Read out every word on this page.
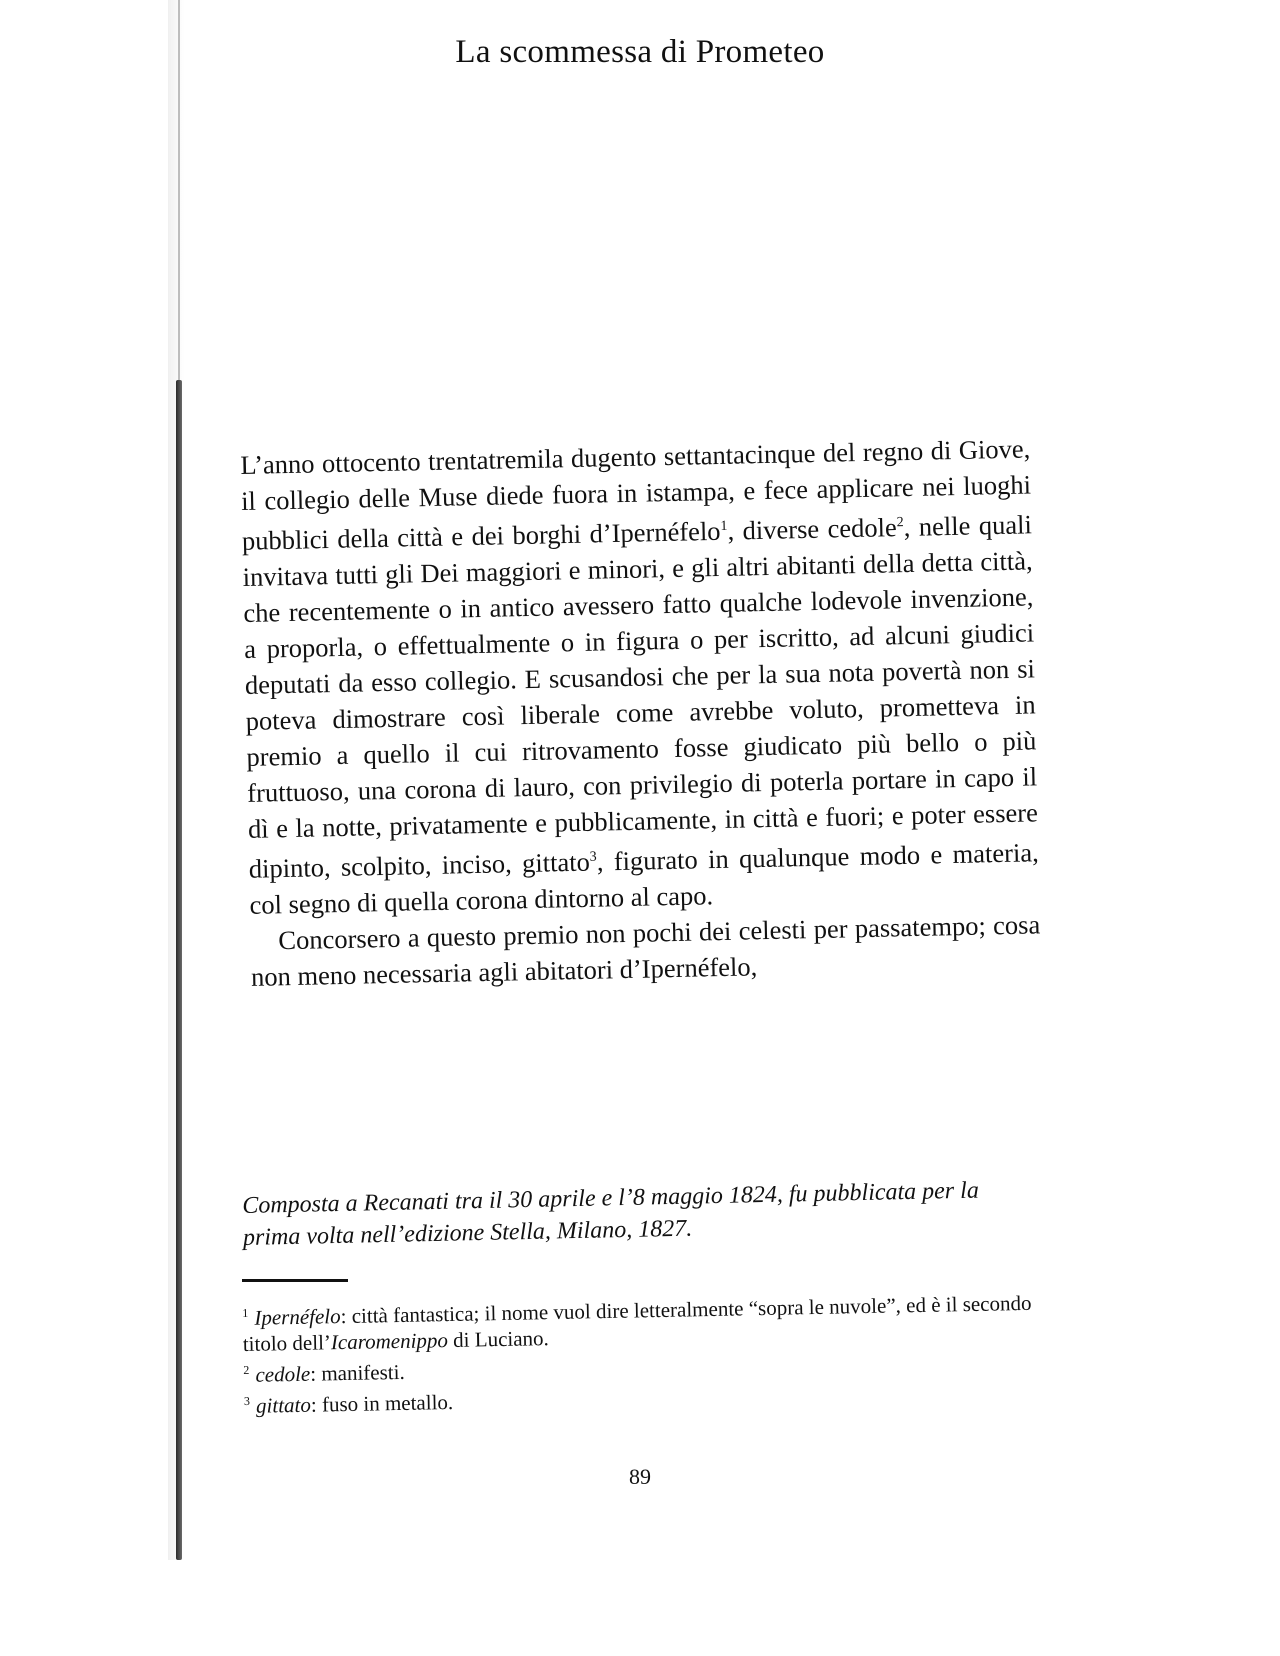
La scommessa di Prometeo

L’anno ottocento trentatremila dugento settantacinque del regno di Giove, il collegio delle Muse diede fuora in istampa, e fece applicare nei luoghi pubblici della città e dei borghi d’Ipernéfelo$^1$, diverse cedole$^2$, nelle quali invitava tutti gli Dei maggiori e minori, e gli altri abitanti della detta città, che recentemente o in antico avessero fatto qualche lodevole invenzione, a proporla, o effettualmente o in figura o per iscritto, ad alcuni giudici deputati da esso collegio. E scusandosi che per la sua nota povertà non si poteva dimostrare così liberale come avrebbe voluto, prometteva in premio a quello il cui ritrovamento fosse giudicato più bello o più fruttuoso, una corona di lauro, con privilegio di poterla portare in capo il dì e la notte, privatamente e pubblicamente, in città e fuori; e poter essere dipinto, scolpito, inciso, gittato$^3$, figurato in qualunque modo e materia, col segno di quella corona dintorno al capo.

Concorsero a questo premio non pochi dei celesti per passatempo; cosa non meno necessaria agli abitatori d’Ipernéfelo,

Composta a Recanati tra il 30 aprile e l’8 maggio 1824, fu pubblicata per la prima volta nell’edizione Stella, Milano, 1827.

$^1$ Ipernéfelo: città fantastica; il nome vuol dire letteralmente “sopra le nuvole”, ed è il secondo titolo dell’Icaromenippo di Luciano.

$^2$ cedole: manifesti.

$^3$ gittato: fuso in metallo.

89
